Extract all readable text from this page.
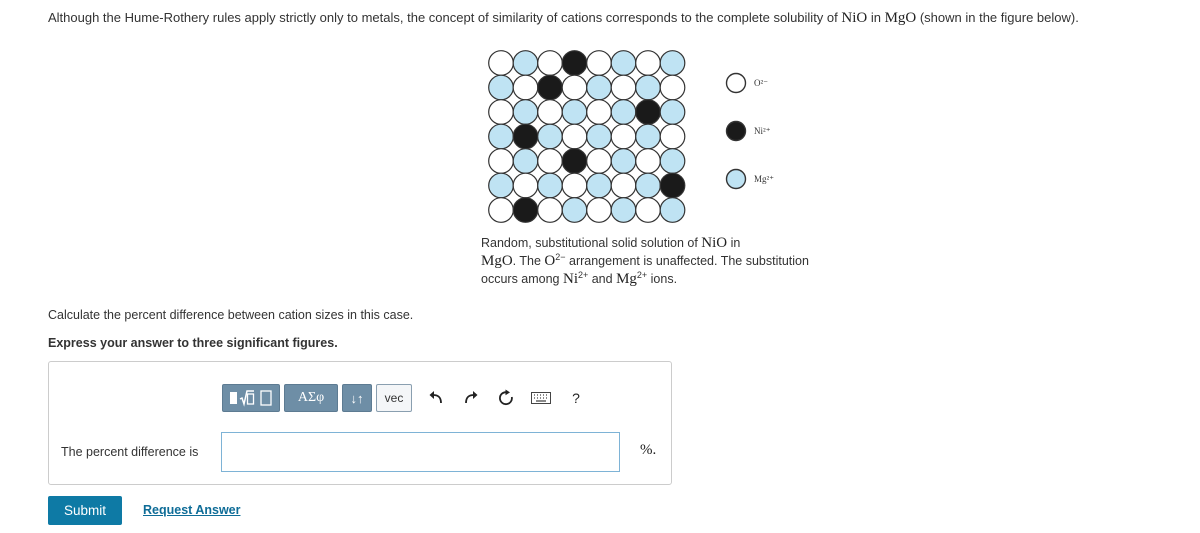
Although the Hume-Rothery rules apply strictly only to metals, the concept of similarity of cations corresponds to the complete solubility of NiO in MgO (shown in the figure below).
O²⁻
Ni²⁺
Mg²⁺
Random, substitutional solid solution of NiO in
MgO. The $O^{2-}$ arrangement is unaffected. The substitution occurs among $Ni^{2+}$ and $Mg^{2+}$ ions.
Calculate the percent difference between cation sizes in this case.
Express your answer to three significant figures.
ΑΣφ	↓↑	vec	?
The percent difference is	%.
Submit	Request Answer
